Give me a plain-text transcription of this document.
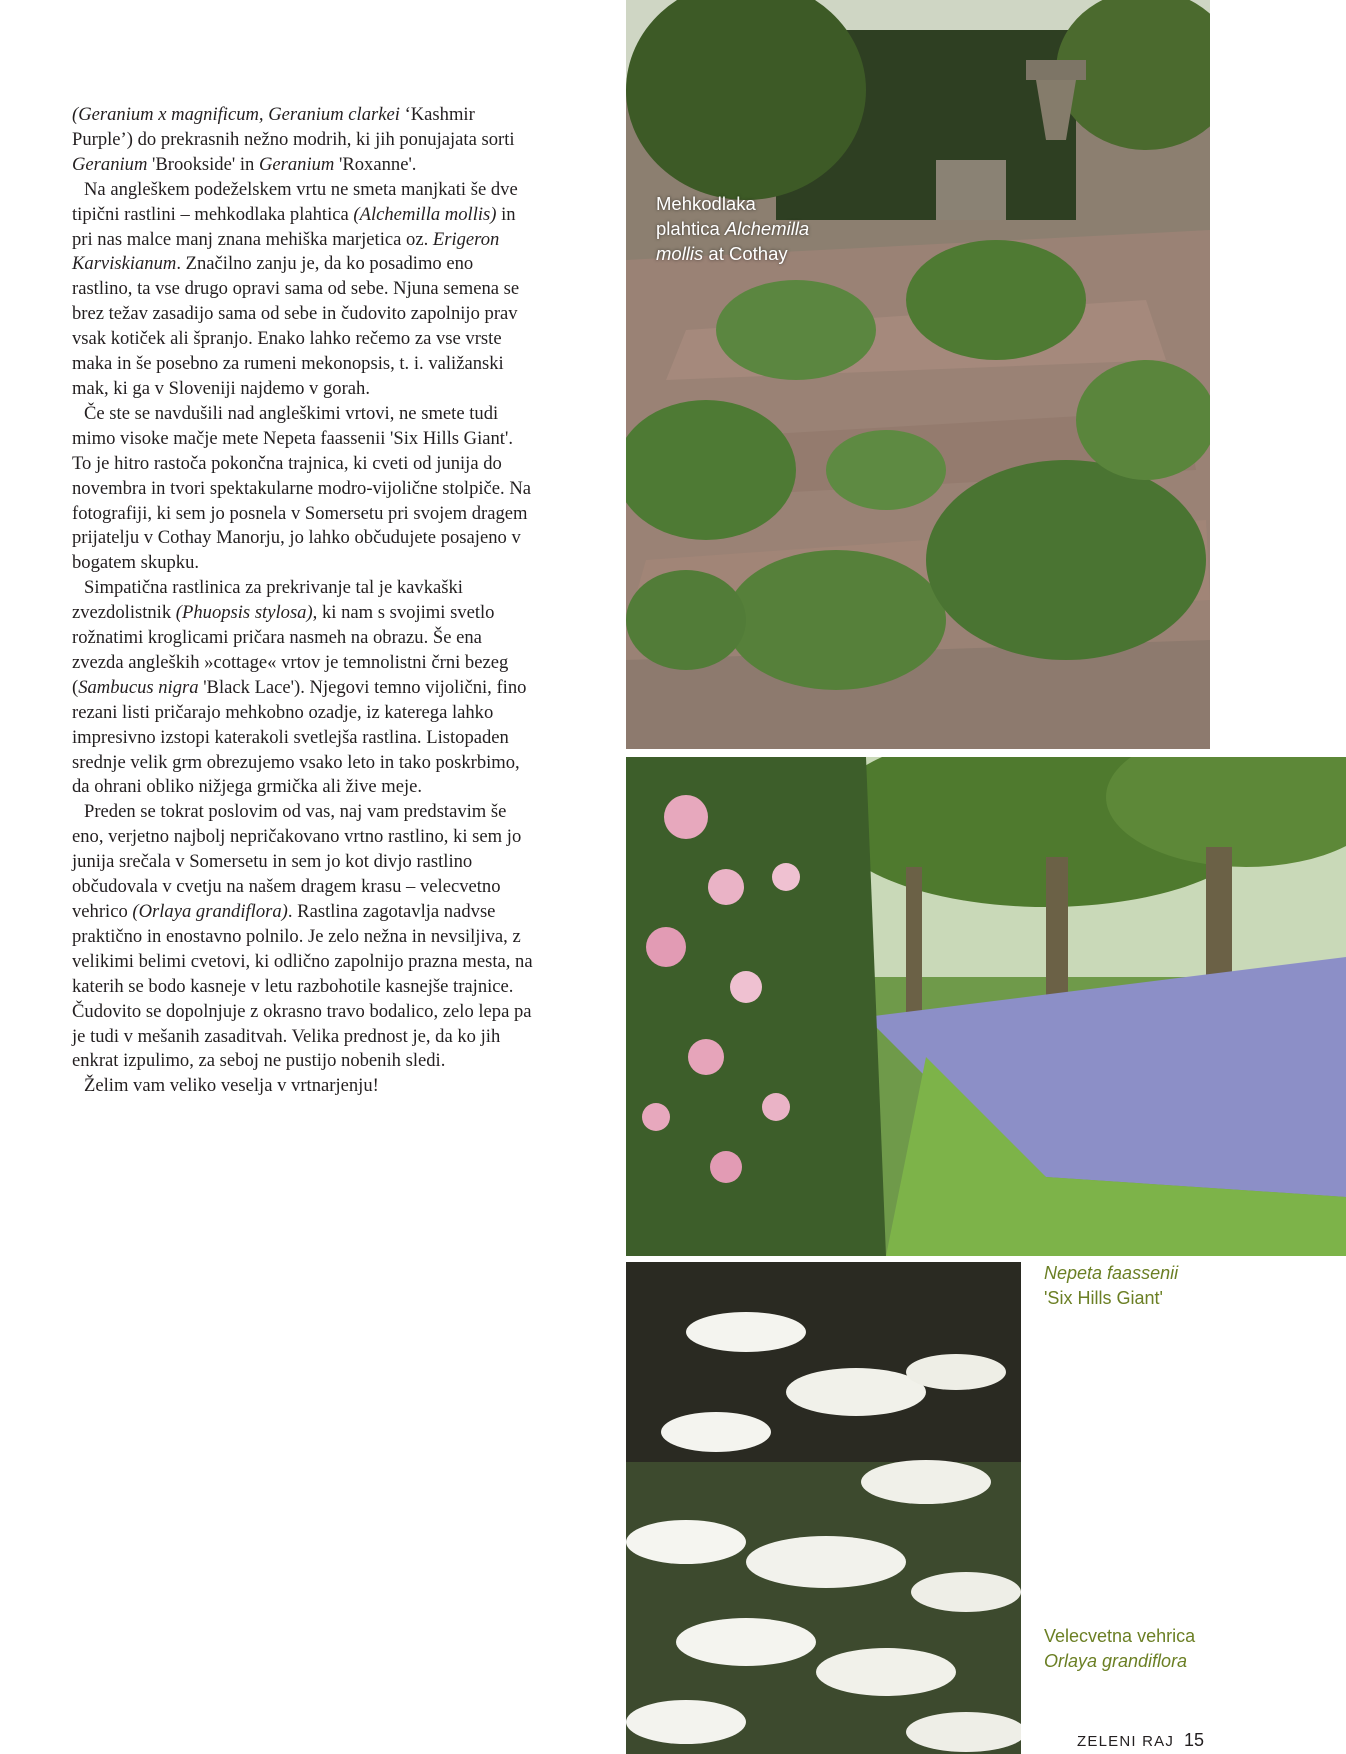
(Geranium x magnificum, Geranium clarkei ‘Kashmir Purple’) do prekrasnih nežno modrih, ki jih ponujajata sorti Geranium 'Brookside' in Geranium 'Roxanne'.

Na angleškem podeželskem vrtu ne smeta manjkati še dve tipični rastlini – mehkodlaka plahtica (Alchemilla mollis) in pri nas malce manj znana mehiška marjetica oz. Erigeron Karviskianum. Značilno zanju je, da ko posadimo eno rastlino, ta vse drugo opravi sama od sebe. Njuna semena se brez težav zasadijo sama od sebe in čudovito zapolnijo prav vsak kotiček ali špranjo. Enako lahko rečemo za vse vrste maka in še posebno za rumeni mekonopsis, t. i. valižanski mak, ki ga v Sloveniji najdemo v gorah.

Če ste se navdušili nad angleškimi vrtovi, ne smete tudi mimo visoke mačje mete Nepeta faassenii 'Six Hills Giant'. To je hitro rastoča pokončna trajnica, ki cveti od junija do novembra in tvori spektakularne modro-vijolične stolpiče. Na fotografiji, ki sem jo posnela v Somersetu pri svojem dragem prijatelju v Cothay Manorju, jo lahko občudujete posajeno v bogatem skupku.

Simpatična rastlinica za prekrivanje tal je kavkaški zvezdolistnik (Phuopsis stylosa), ki nam s svojimi svetlo rožnatimi kroglicami pričara nasmeh na obrazu. Še ena zvezda angleških »cottage« vrtov je temnolistni črni bezeg (Sambucus nigra 'Black Lace'). Njegovi temno vijolični, fino rezani listi pričarajo mehkobno ozadje, iz katerega lahko impresivno izstopi katerakoli svetlejša rastlina. Listopaden srednje velik grm obrezujemo vsako leto in tako poskrbimo, da ohrani obliko nižjega grmička ali žive meje.

Preden se tokrat poslovim od vas, naj vam predstavim še eno, verjetno najbolj nepričakovano vrtno rastlino, ki sem jo junija srečala v Somersetu in sem jo kot divjo rastlino občudovala v cvetju na našem dragem krasu – velecvetno vehrico (Orlaya grandiflora). Rastlina zagotavlja nadvse praktično in enostavno polnilo. Je zelo nežna in nevsiljiva, z velikimi belimi cvetovi, ki odlično zapolnijo prazna mesta, na katerih se bodo kasneje v letu razbohotile kasnejše trajnice. Čudovito se dopolnjuje z okrasno travo bodalico, zelo lepa pa je tudi v mešanih zasaditvah. Velika prednost je, da ko jih enkrat izpulimo, za seboj ne pustijo nobenih sledi.

Želim vam veliko veselja v vrtnarjenju!

Mehkodlaka
plahtica Alchemilla
mollis at Cothay
Nepeta faassenii
'Six Hills Giant'
Velecvetna vehrica
Orlaya grandiflora
ZELENI RAJ 15
